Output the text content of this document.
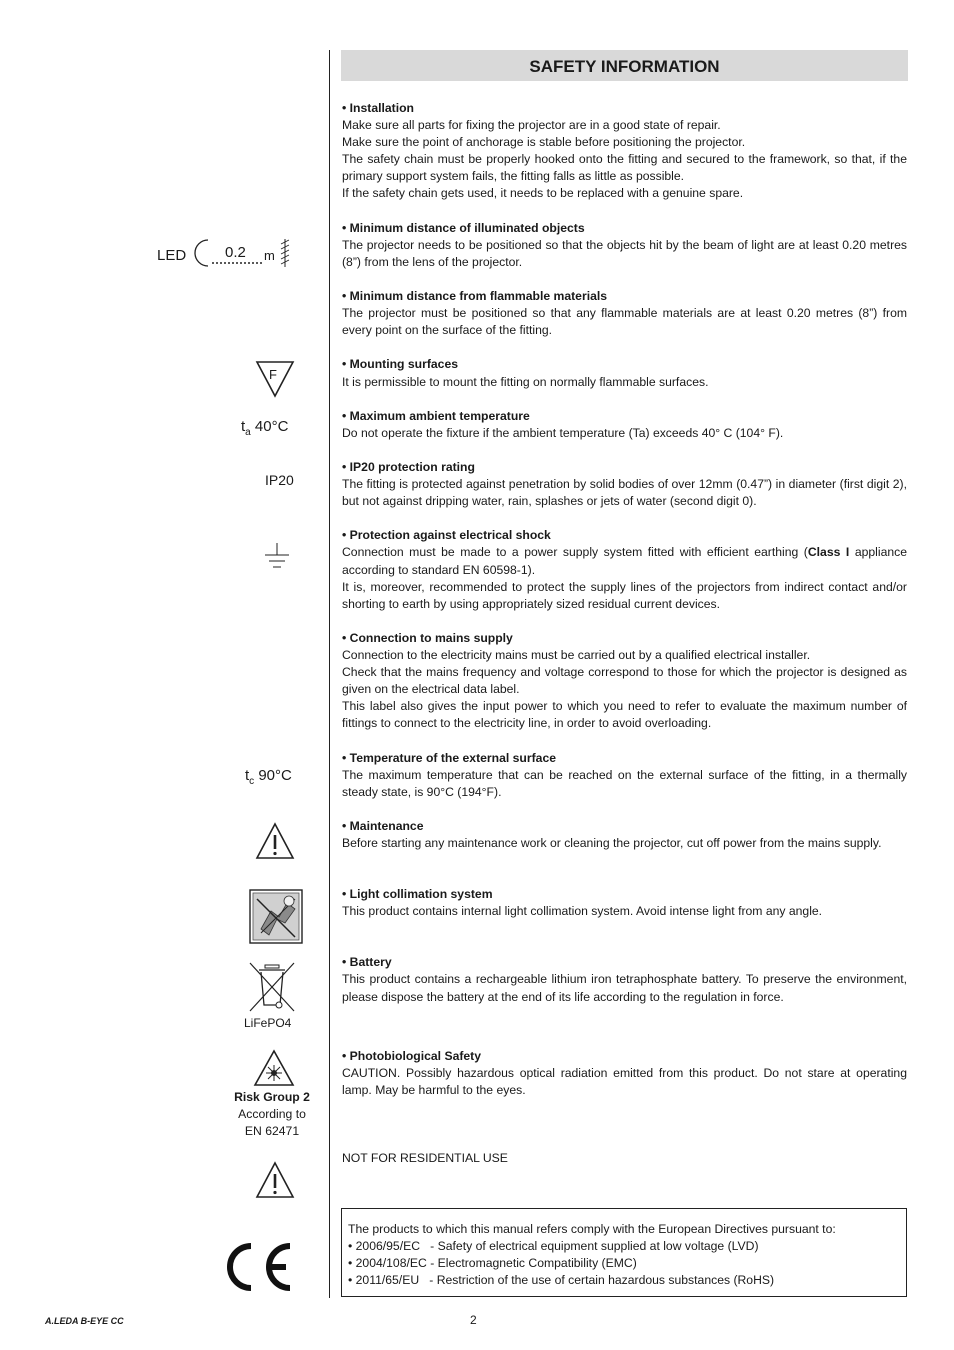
SAFETY INFORMATION
• Installation
Make sure all parts for fixing the projector are in a good state of repair.
Make sure the point of anchorage is stable before positioning the projector.
The safety chain must be properly hooked onto the fitting and secured to the framework, so that, if the primary support system fails, the fitting falls as little as possible.
If the safety chain gets used, it needs to be replaced with a genuine spare.
• Minimum distance of illuminated objects
The projector needs to be positioned so that the objects hit by the beam of light are at least 0.20 metres (8”) from the lens of the projector.
• Minimum distance from flammable materials
The projector must be positioned so that any flammable materials are at least 0.20 metres (8”) from every point on the surface of the fitting.
• Mounting surfaces
It is permissible to mount the fitting on normally flammable surfaces.
• Maximum ambient temperature
Do not operate the fixture if the ambient temperature (Ta) exceeds 40° C (104° F).
• IP20 protection rating
The fitting is protected against penetration by solid bodies of over 12mm (0.47”) in diameter (first digit 2), but not against dripping water, rain, splashes or jets of water (second digit 0).
• Protection against electrical shock
Connection must be made to a power supply system fitted with efficient earthing (Class I appliance according to standard EN 60598-1).
It is, moreover, recommended to protect the supply lines of the projectors from indirect contact and/or shorting to earth by using appropriately sized residual current devices.
• Connection to mains supply
Connection to the electricity mains must be carried out by a qualified electrical installer.
Check that the mains frequency and voltage correspond to those for which the projector is designed as given on the electrical data label.
This label also gives the input power to which you need to refer to evaluate the maximum number of fittings to connect to the electricity line, in order to avoid overloading.
• Temperature of the external surface
The maximum temperature that can be reached on the external surface of the fitting, in a thermally steady state, is 90°C (194°F).
• Maintenance
Before starting any maintenance work or cleaning the projector, cut off power from the mains supply.
• Light collimation system
This product contains internal light collimation system. Avoid intense light from any angle.
• Battery
This product contains a rechargeable lithium iron tetraphosphate battery. To preserve the environment, please dispose the battery at the end of its life according to the regulation in force.
• Photobiological Safety
CAUTION. Possibly hazardous optical radiation emitted from this product. Do not stare at operating lamp. May be harmful to the eyes.
NOT FOR RESIDENTIAL USE
The products to which this manual refers comply with the European Directives pursuant to:
• 2006/95/EC   - Safety of electrical equipment supplied at low voltage (LVD)
• 2004/108/EC - Electromagnetic Compatibility (EMC)
• 2011/65/EU   - Restriction of the use of certain hazardous substances (RoHS)
LED	0.2 m
F
$t_a$ 40°C
IP20
$t_c$ 90°C
LiFePO4
Risk Group 2
According to
EN 62471
A.LEDA B-EYE CC	2
